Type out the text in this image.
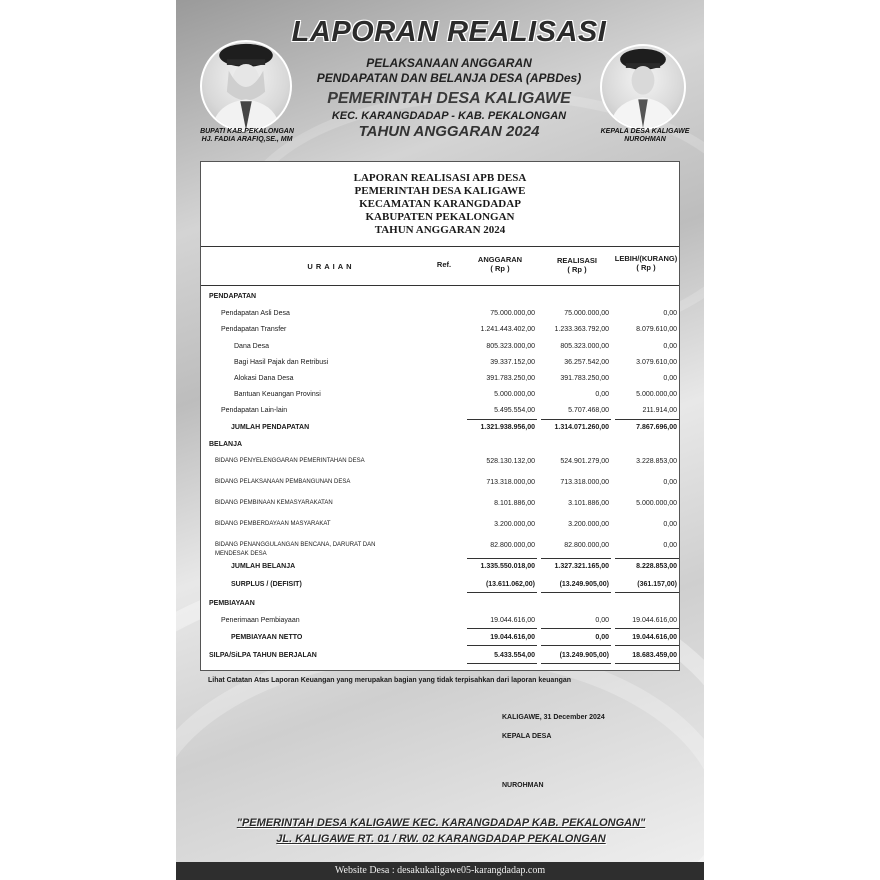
BUPATI KAB.PEKALONGAN
HJ. FADIA ARAFIQ,SE., MM
KEPALA DESA KALIGAWE
NUROHMAN
LAPORAN REALISASI
PELAKSANAAN ANGGARAN
PENDAPATAN DAN BELANJA DESA (APBDes)
PEMERINTAH DESA KALIGAWE
KEC. KARANGDADAP - KAB. PEKALONGAN
TAHUN ANGGARAN 2024
LAPORAN REALISASI APB DESA
PEMERINTAH DESA KALIGAWE
KECAMATAN KARANGDADAP
KABUPATEN PEKALONGAN
TAHUN ANGGARAN 2024
URAIAN	Ref.
ANGGARAN
( Rp )
REALISASI
( Rp )
LEBIH/(KURANG)
( Rp )
PENDAPATAN
Pendapatan Asli Desa	75.000.000,00	75.000.000,00	0,00
Pendapatan Transfer	1.241.443.402,00	1.233.363.792,00	8.079.610,00
Dana Desa	805.323.000,00	805.323.000,00	0,00
Bagi Hasil Pajak dan Retribusi	39.337.152,00	36.257.542,00	3.079.610,00
Alokasi Dana Desa	391.783.250,00	391.783.250,00	0,00
Bantuan Keuangan Provinsi	5.000.000,00	0,00	5.000.000,00
Pendapatan Lain-lain	5.495.554,00	5.707.468,00	211.914,00
JUMLAH PENDAPATAN	1.321.938.956,00	1.314.071.260,00	7.867.696,00
BELANJA
BIDANG PENYELENGGARAN PEMERINTAHAN DESA	528.130.132,00	524.901.279,00	3.228.853,00
BIDANG PELAKSANAAN PEMBANGUNAN DESA	713.318.000,00	713.318.000,00	0,00
BIDANG PEMBINAAN KEMASYARAKATAN	8.101.886,00	3.101.886,00	5.000.000,00
BIDANG PEMBERDAYAAN MASYARAKAT	3.200.000,00	3.200.000,00	0,00
BIDANG PENANGGULANGAN BENCANA, DARURAT DAN
MENDESAK DESA
82.800.000,00	82.800.000,00	0,00
JUMLAH BELANJA	1.335.550.018,00	1.327.321.165,00	8.228.853,00
SURPLUS / (DEFISIT)	(13.611.062,00)	(13.249.905,00)	(361.157,00)
PEMBIAYAAN
Penerimaan Pembiayaan	19.044.616,00	0,00	19.044.616,00
PEMBIAYAAN NETTO	19.044.616,00	0,00	19.044.616,00
SILPA/SiLPA TAHUN BERJALAN	5.433.554,00	(13.249.905,00)	18.683.459,00
Lihat Catatan Atas Laporan Keuangan yang merupakan bagian yang tidak terpisahkan dari laporan keuangan
KALIGAWE, 31 December 2024
KEPALA DESA
NUROHMAN
"PEMERINTAH DESA KALIGAWE KEC. KARANGDADAP KAB. PEKALONGAN"
JL. KALIGAWE RT. 01 / RW. 02 KARANGDADAP PEKALONGAN
Website Desa : desakukaligawe05-karangdadap.com
